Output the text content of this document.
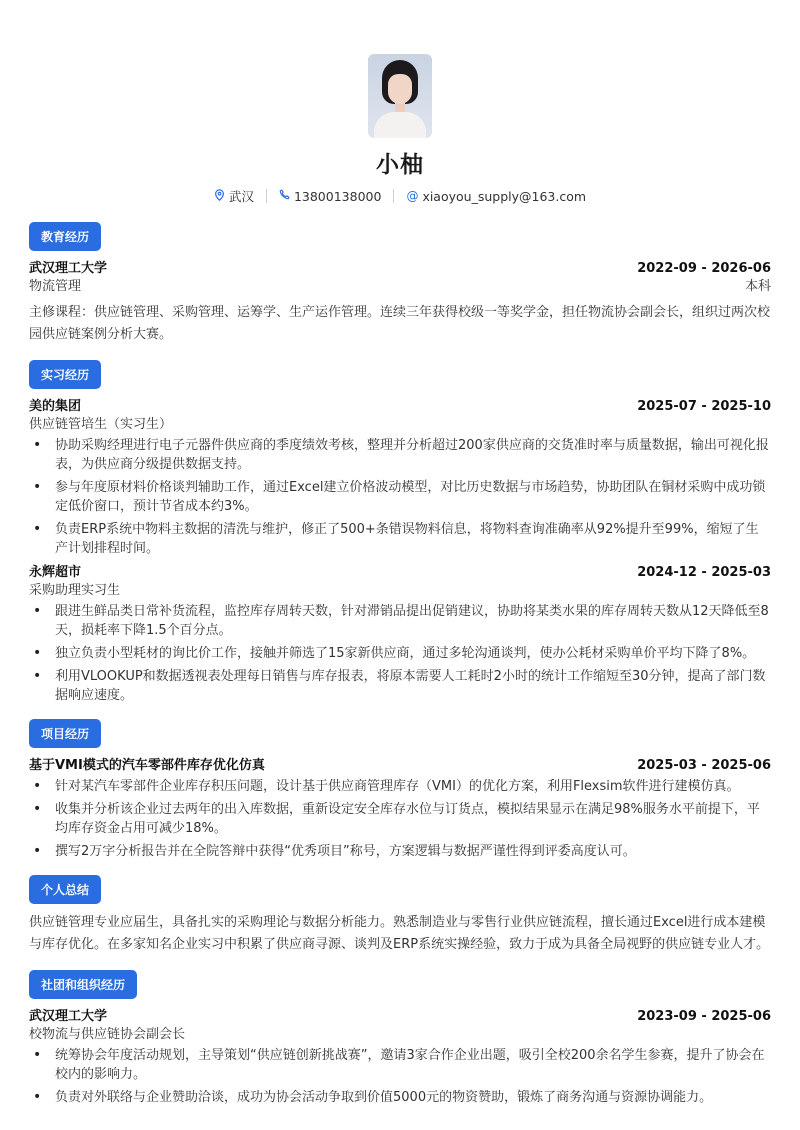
小柚
武汉	13800138000 @ xiaoyou_supply@163.com
教育经历
武汉理工大学	2022-09 - 2026-06
物流管理	本科
主修课程：供应链管理、采购管理、运筹学、生产运作管理。连续三年获得校级一等奖学金，担任物流协会副会长，组织过两次校园供应链案例分析大赛。
实习经历
美的集团	2025-07 - 2025-10
供应链管培生（实习生）
• 协助采购经理进行电子元器件供应商的季度绩效考核，整理并分析超过200家供应商的交货准时率与质量数据，输出可视化报表，为供应商分级提供数据支持。
• 参与年度原材料价格谈判辅助工作，通过Excel建立价格波动模型，对比历史数据与市场趋势，协助团队在铜材采购中成功锁定低价窗口，预计节省成本约3%。
• 负责ERP系统中物料主数据的清洗与维护，修正了500+条错误物料信息，将物料查询准确率从92%提升至99%，缩短了生产计划排程时间。
永辉超市	2024-12 - 2025-03
采购助理实习生
• 跟进生鲜品类日常补货流程，监控库存周转天数，针对滞销品提出促销建议，协助将某类水果的库存周转天数从12天降低至8天，损耗率下降1.5个百分点。
• 独立负责小型耗材的询比价工作，接触并筛选了15家新供应商，通过多轮沟通谈判，使办公耗材采购单价平均下降了8%。
• 利用VLOOKUP和数据透视表处理每日销售与库存报表，将原本需要人工耗时2小时的统计工作缩短至30分钟，提高了部门数据响应速度。
项目经历
基于VMI模式的汽车零部件库存优化仿真	2025-03 - 2025-06
• 针对某汽车零部件企业库存积压问题，设计基于供应商管理库存（VMI）的优化方案，利用Flexsim软件进行建模仿真。
• 收集并分析该企业过去两年的出入库数据，重新设定安全库存水位与订货点，模拟结果显示在满足98%服务水平前提下，平均库存资金占用可减少18%。
• 撰写2万字分析报告并在全院答辩中获得“优秀项目”称号，方案逻辑与数据严谨性得到评委高度认可。
个人总结
供应链管理专业应届生，具备扎实的采购理论与数据分析能力。熟悉制造业与零售行业供应链流程，擅长通过Excel进行成本建模与库存优化。在多家知名企业实习中积累了供应商寻源、谈判及ERP系统实操经验，致力于成为具备全局视野的供应链专业人才。
社团和组织经历
武汉理工大学	2023-09 - 2025-06
校物流与供应链协会副会长
• 统筹协会年度活动规划，主导策划“供应链创新挑战赛”，邀请3家合作企业出题，吸引全校200余名学生参赛，提升了协会在校内的影响力。
• 负责对外联络与企业赞助洽谈，成功为协会活动争取到价值5000元的物资赞助，锻炼了商务沟通与资源协调能力。
